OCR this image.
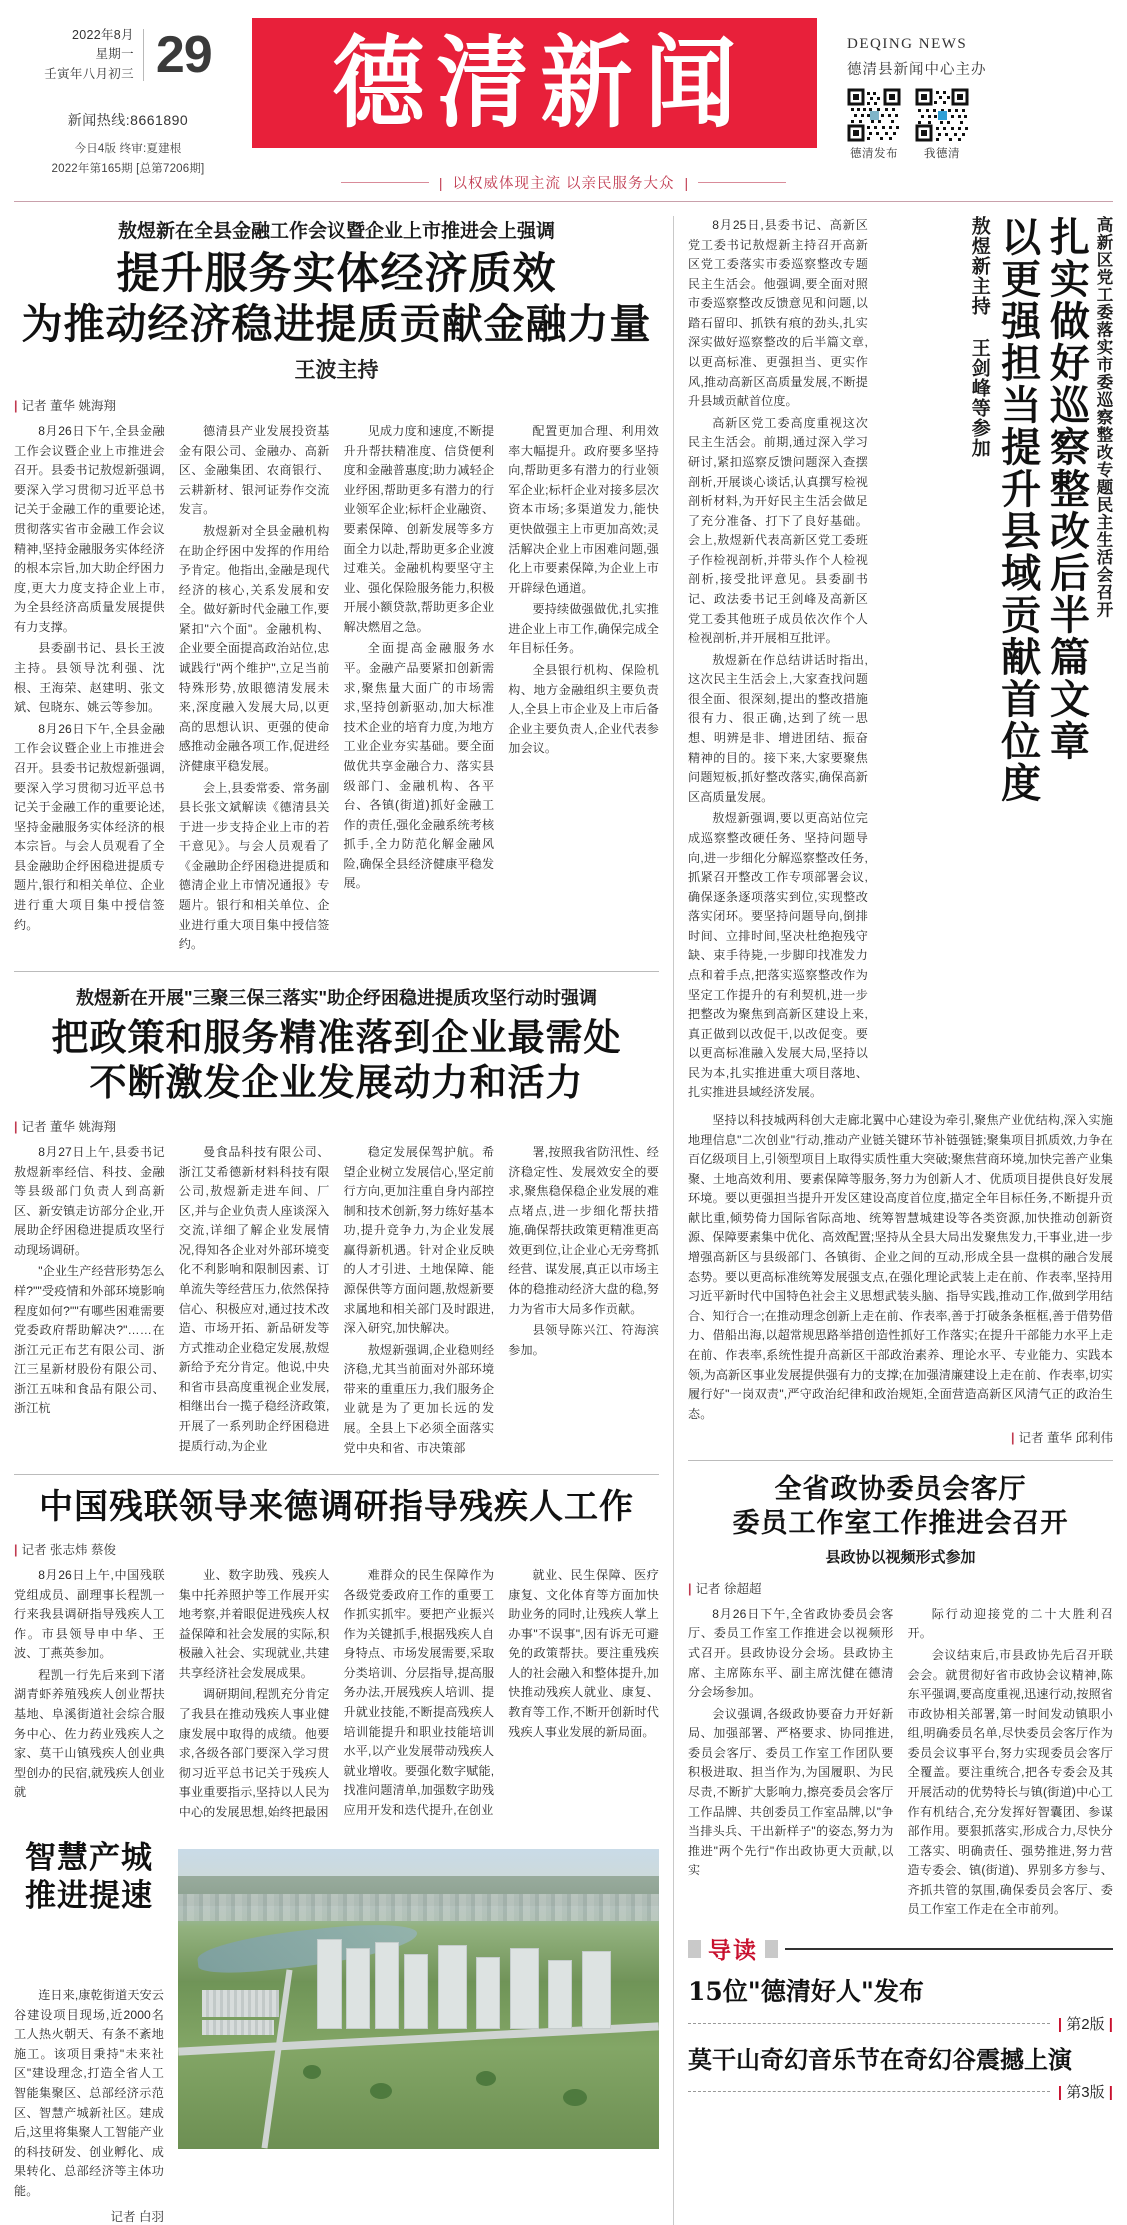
2022年8月
星期一
壬寅年八月初三 29
新闻热线:8661890
今日4版 终审:夏建根
2022年第165期 [总第7206期]
德清新闻	DEQING NEWS
德清县新闻中心主办
德清发布	我德清
| 以权威体现主流 以亲民服务大众 |
敖煜新在全县金融工作会议暨企业上市推进会上强调
提升服务实体经济质效
为推动经济稳进提质贡献金融力量
王波主持
| 记者 董华 姚海翔

8月26日下午,全县金融工作会议暨企业上市推进会召开。县委书记敖煜新强调,要深入学习贯彻习近平总书记关于金融工作的重要论述,贯彻落实省市金融工作会议精神,坚持金融服务实体经济的根本宗旨,加大助企纾困力度,更大力度支持企业上市,为全县经济高质量发展提供有力支撑。

县委副书记、县长王波主持。县领导沈利强、沈根、王海荣、赵建明、张文斌、包晓东、姚云等参加。

8月26日下午,全县金融工作会议暨企业上市推进会召开。县委书记敖煜新强调,要深入学习贯彻习近平总书记关于金融工作的重要论述,坚持金融服务实体经济的根本宗旨。与会人员观看了全县金融助企纾困稳进提质专题片,银行和相关单位、企业进行重大项目集中授信签约。

德清县产业发展投资基金有限公司、金融办、高新区、金融集团、农商银行、云耕新材、银河证券作交流发言。

敖煜新对全县金融机构在助企纾困中发挥的作用给予肯定。他指出,金融是现代经济的核心,关系发展和安全。做好新时代金融工作,要紧扣"六个面"。金融机构、企业要全面提高政治站位,忠诚践行"两个维护",立足当前特殊形势,放眼德清发展未来,深度融入发展大局,以更高的思想认识、更强的使命感推动金融各项工作,促进经济健康平稳发展。

会上,县委常委、常务副县长张文斌解读《德清县关于进一步支持企业上市的若干意见》。与会人员观看了《金融助企纾困稳进提质和德清企业上市情况通报》专题片。银行和相关单位、企业进行重大项目集中授信签约。

见成力度和速度,不断提升升帮扶精准度、信贷便利度和金融普惠度;助力减轻企业纾困,帮助更多有潜力的行业领军企业;标杆企业融资、要素保障、创新发展等多方面全力以赴,帮助更多企业渡过难关。金融机构要坚守主业、强化保险服务能力,积极开展小额贷款,帮助更多企业解决燃眉之急。

全面提高金融服务水平。金融产品要紧扣创新需求,聚焦量大面广的市场需求,坚持创新驱动,加大标准技术企业的培育力度,为地方工业企业夯实基础。要全面做优共享金融合力、落实县级部门、金融机构、各平台、各镇(街道)抓好金融工作的责任,强化金融系统考核抓手,全力防范化解金融风险,确保全县经济健康平稳发展。

配置更加合理、利用效率大幅提升。政府要多坚持向,帮助更多有潜力的行业领军企业;标杆企业对接多层次资本市场;多渠道发力,能快更快做强主上市更加高效;灵活解决企业上市困难问题,强化上市要素保障,为企业上市开辟绿色通道。

要持续做强做优,扎实推进企业上市工作,确保完成全年目标任务。

全县银行机构、保险机构、地方金融组织主要负责人,全县上市企业及上市后备企业主要负责人,企业代表参加会议。

敖煜新在开展"三聚三保三落实"助企纾困稳进提质攻坚行动时强调
把政策和服务精准落到企业最需处
不断激发企业发展动力和活力
| 记者 董华 姚海翔

8月27日上午,县委书记敖煜新率经信、科技、金融等县级部门负责人到高新区、新安镇走访部分企业,开展助企纾困稳进提质攻坚行动现场调研。

"企业生产经营形势怎么样?""受疫情和外部环境影响程度如何?""有哪些困难需要党委政府帮助解决?"……在浙江元正布艺有限公司、浙江三星新材股份有限公司、浙江五味和食品有限公司、浙江杭

曼食品科技有限公司、浙江艾希德新材料科技有限公司,敖煜新走进车间、厂区,并与企业负责人座谈深入交流,详细了解企业发展情况,得知各企业对外部环境变化不利影响和限制因素、订单流失等经营压力,依然保持信心、积极应对,通过技术改造、市场开拓、新品研发等方式推动企业稳定发展,敖煜新给予充分肯定。他说,中央和省市县高度重视企业发展,相继出台一揽子稳经济政策,开展了一系列助企纾困稳进提质行动,为企业

稳定发展保驾护航。希望企业树立发展信心,坚定前行方向,更加注重自身内部控制和技术创新,努力练好基本功,提升竞争力,为企业发展赢得新机遇。针对企业反映的人才引进、土地保障、能源保供等方面问题,敖煜新要求属地和相关部门及时跟进,深入研究,加快解决。

敖煜新强调,企业稳则经济稳,尤其当前面对外部环境带来的重重压力,我们服务企业就是为了更加长远的发展。全县上下必须全面落实党中央和省、市决策部

署,按照我省防汛性、经济稳定性、发展效安全的要求,聚焦稳保稳企业发展的难点堵点,进一步细化帮扶措施,确保帮扶政策更精准更高效更到位,让企业心无旁骛抓经营、谋发展,真正以市场主体的稳推动经济大盘的稳,努力为省市大局多作贡献。

县领导陈兴江、符海滨参加。

中国残联领导来德调研指导残疾人工作
| 记者 张志炜 蔡俊

8月26日上午,中国残联党组成员、副理事长程凯一行来我县调研指导残疾人工作。市县领导申中华、王波、丁燕英参加。

程凯一行先后来到下渚湖青虾养殖残疾人创业帮扶基地、阜溪街道社会综合服务中心、佐力药业残疾人之家、莫干山镇残疾人创业典型创办的民宿,就残疾人创业就

业、数字助残、残疾人集中托养照护等工作展开实地考察,并着眼促进残疾人权益保障和社会发展的实际,积极融入社会、实现就业,共建共享经济社会发展成果。

调研期间,程凯充分肯定了我县在推动残疾人事业健康发展中取得的成绩。他要求,各级各部门要深入学习贯彻习近平总书记关于残疾人事业重要指示,坚持以人民为中心的发展思想,始终把最困

难群众的民生保障作为各级党委政府工作的重要工作抓实抓牢。要把产业振兴作为关键抓手,根据残疾人自身特点、市场发展需要,采取分类培训、分层指导,提高服务办法,开展残疾人培训、提升就业技能,不断提高残疾人培训能提升和职业技能培训水平,以产业发展带动残疾人就业增收。要强化数字赋能,找准问题清单,加强数字助残应用开发和迭代提升,在创业

就业、民生保障、医疗康复、文化体育等方面加快助业务的同时,让残疾人掌上办事"不误事",因有诉无可避免的政策帮扶。要注重残疾人的社会融入和整体提升,加快推动残疾人就业、康复、教育等工作,不断开创新时代残疾人事业发展的新局面。

智慧产城
推进提速

连日来,康乾街道天安云谷建设项目现场,近2000名工人热火朝天、有条不紊地施工。该项目秉持"未来社区"建设理念,打造全省人工智能集聚区、总部经济示范区、智慧产城新社区。建成后,这里将集聚人工智能产业的科技研发、创业孵化、成果转化、总部经济等主体功能。

记者 白羽
高新区党工委落实市委巡察整改专题民主生活会召开
扎实做好巡察整改后半篇文章
以更强担当提升县域贡献首位度
敖煜新主持 王剑峰等参加

8月25日,县委书记、高新区党工委书记敖煜新主持召开高新区党工委落实市委巡察整改专题民主生活会。他强调,要全面对照市委巡察整改反馈意见和问题,以踏石留印、抓铁有痕的劲头,扎实深实做好巡察整改的后半篇文章,以更高标准、更强担当、更实作风,推动高新区高质量发展,不断提升县域贡献首位度。

高新区党工委高度重视这次民主生活会。前期,通过深入学习研讨,紧扣巡察反馈问题深入查摆剖析,开展谈心谈话,认真撰写检视剖析材料,为开好民主生活会做足了充分准备、打下了良好基础。会上,敖煜新代表高新区党工委班子作检视剖析,并带头作个人检视剖析,接受批评意见。县委副书记、政法委书记王剑峰及高新区党工委其他班子成员依次作个人检视剖析,并开展相互批评。

敖煜新在作总结讲话时指出,这次民主生活会上,大家查找问题很全面、很深刻,提出的整改措施很有力、很正确,达到了统一思想、明辨是非、增进团结、振奋精神的目的。接下来,大家要聚焦问题短板,抓好整改落实,确保高新区高质量发展。

敖煜新强调,要以更高站位完成巡察整改硬任务、坚持问题导向,进一步细化分解巡察整改任务,抓紧召开整改工作专项部署会议,确保逐条逐项落实到位,实现整改落实闭环。要坚持问题导向,倒排时间、立排时间,坚决杜绝抱残守缺、束手待毙,一步脚印找准发力点和着手点,把落实巡察整改作为坚定工作提升的有利契机,进一步把整改为聚焦到高新区建设上来,真正做到以改促干,以改促变。要以更高标准融入发展大局,坚持以民为本,扎实推进重大项目落地、扎实推进县域经济发展。

坚持以科技城两科创大走廊北翼中心建设为牵引,聚焦产业优结构,深入实施地理信息"二次创业"行动,推动产业链关键环节补链强链;聚集项目抓质效,力争在百亿级项目上,引领型项目上取得实质性重大突破;聚焦营商环境,加快完善产业集聚、土地高效利用、要素保障等服务,努力为创新人才、优质项目提供良好发展环境。要以更强担当提升开发区建设高度首位度,描定全年目标任务,不断提升贡献比重,倾势倚力国际省际高地、统筹智慧城建设等各类资源,加快推动创新资源、保障要素集中优化、高效配置;坚持从全县大局出发聚焦发力,干事业,进一步增强高新区与县级部门、各镇街、企业之间的互动,形成全县一盘棋的融合发展态势。要以更高标准统筹发展强支点,在强化理论武装上走在前、作表率,坚持用习近平新时代中国特色社会主义思想武装头脑、指导实践,推动工作,做到学用结合、知行合一;在推动理念创新上走在前、作表率,善于打破条条框框,善于借势借力、借船出海,以超常规思路举措创造性抓好工作落实;在提升干部能力水平上走在前、作表率,系统性提升高新区干部政治素养、理论水平、专业能力、实践本领,为高新区事业发展提供强有力的支撑;在加强清廉建设上走在前、作表率,切实履行好"一岗双责",严守政治纪律和政治规矩,全面营造高新区风清气正的政治生态。

| 记者 董华 邱利伟
全省政协委员会客厅
委员工作室工作推进会召开
县政协以视频形式参加
| 记者 徐超超

8月26日下午,全省政协委员会客厅、委员工作室工作推进会以视频形式召开。县政协设分会场。县政协主席、主席陈东平、副主席沈健在德清分会场参加。

会议强调,各级政协要奋力开好新局、加强部署、严格要求、协同推进,委员会客厅、委员工作室工作团队要积极进取、担当作为,为国履职、为民尽责,不断扩大影响力,擦亮委员会客厅工作品牌、共创委员工作室品牌,以"争当排头兵、干出新样子"的姿态,努力为推进"两个先行"作出政协更大贡献,以实

际行动迎接党的二十大胜利召开。

会议结束后,市县政协先后召开联会会。就贯彻好省市政协会议精神,陈东平强调,要高度重视,迅速行动,按照省市政协相关部署,第一时间发动镇职小组,明确委员名单,尽快委员会客厅作为委员会议事平台,努力实现委员会客厅全覆盖。要注重统合,把各专委会及其开展活动的优势特长与镇(街道)中心工作有机结合,充分发挥好智囊团、参谋部作用。要狠抓落实,形成合力,尽快分工落实、明确责任、强势推进,努力营造专委会、镇(街道)、界别多方参与、齐抓共管的氛围,确保委员会客厅、委员工作室工作走在全市前列。

导读
15位"德清好人"发布
| 第2版 |
莫干山奇幻音乐节在奇幻谷震撼上演
| 第3版 |
